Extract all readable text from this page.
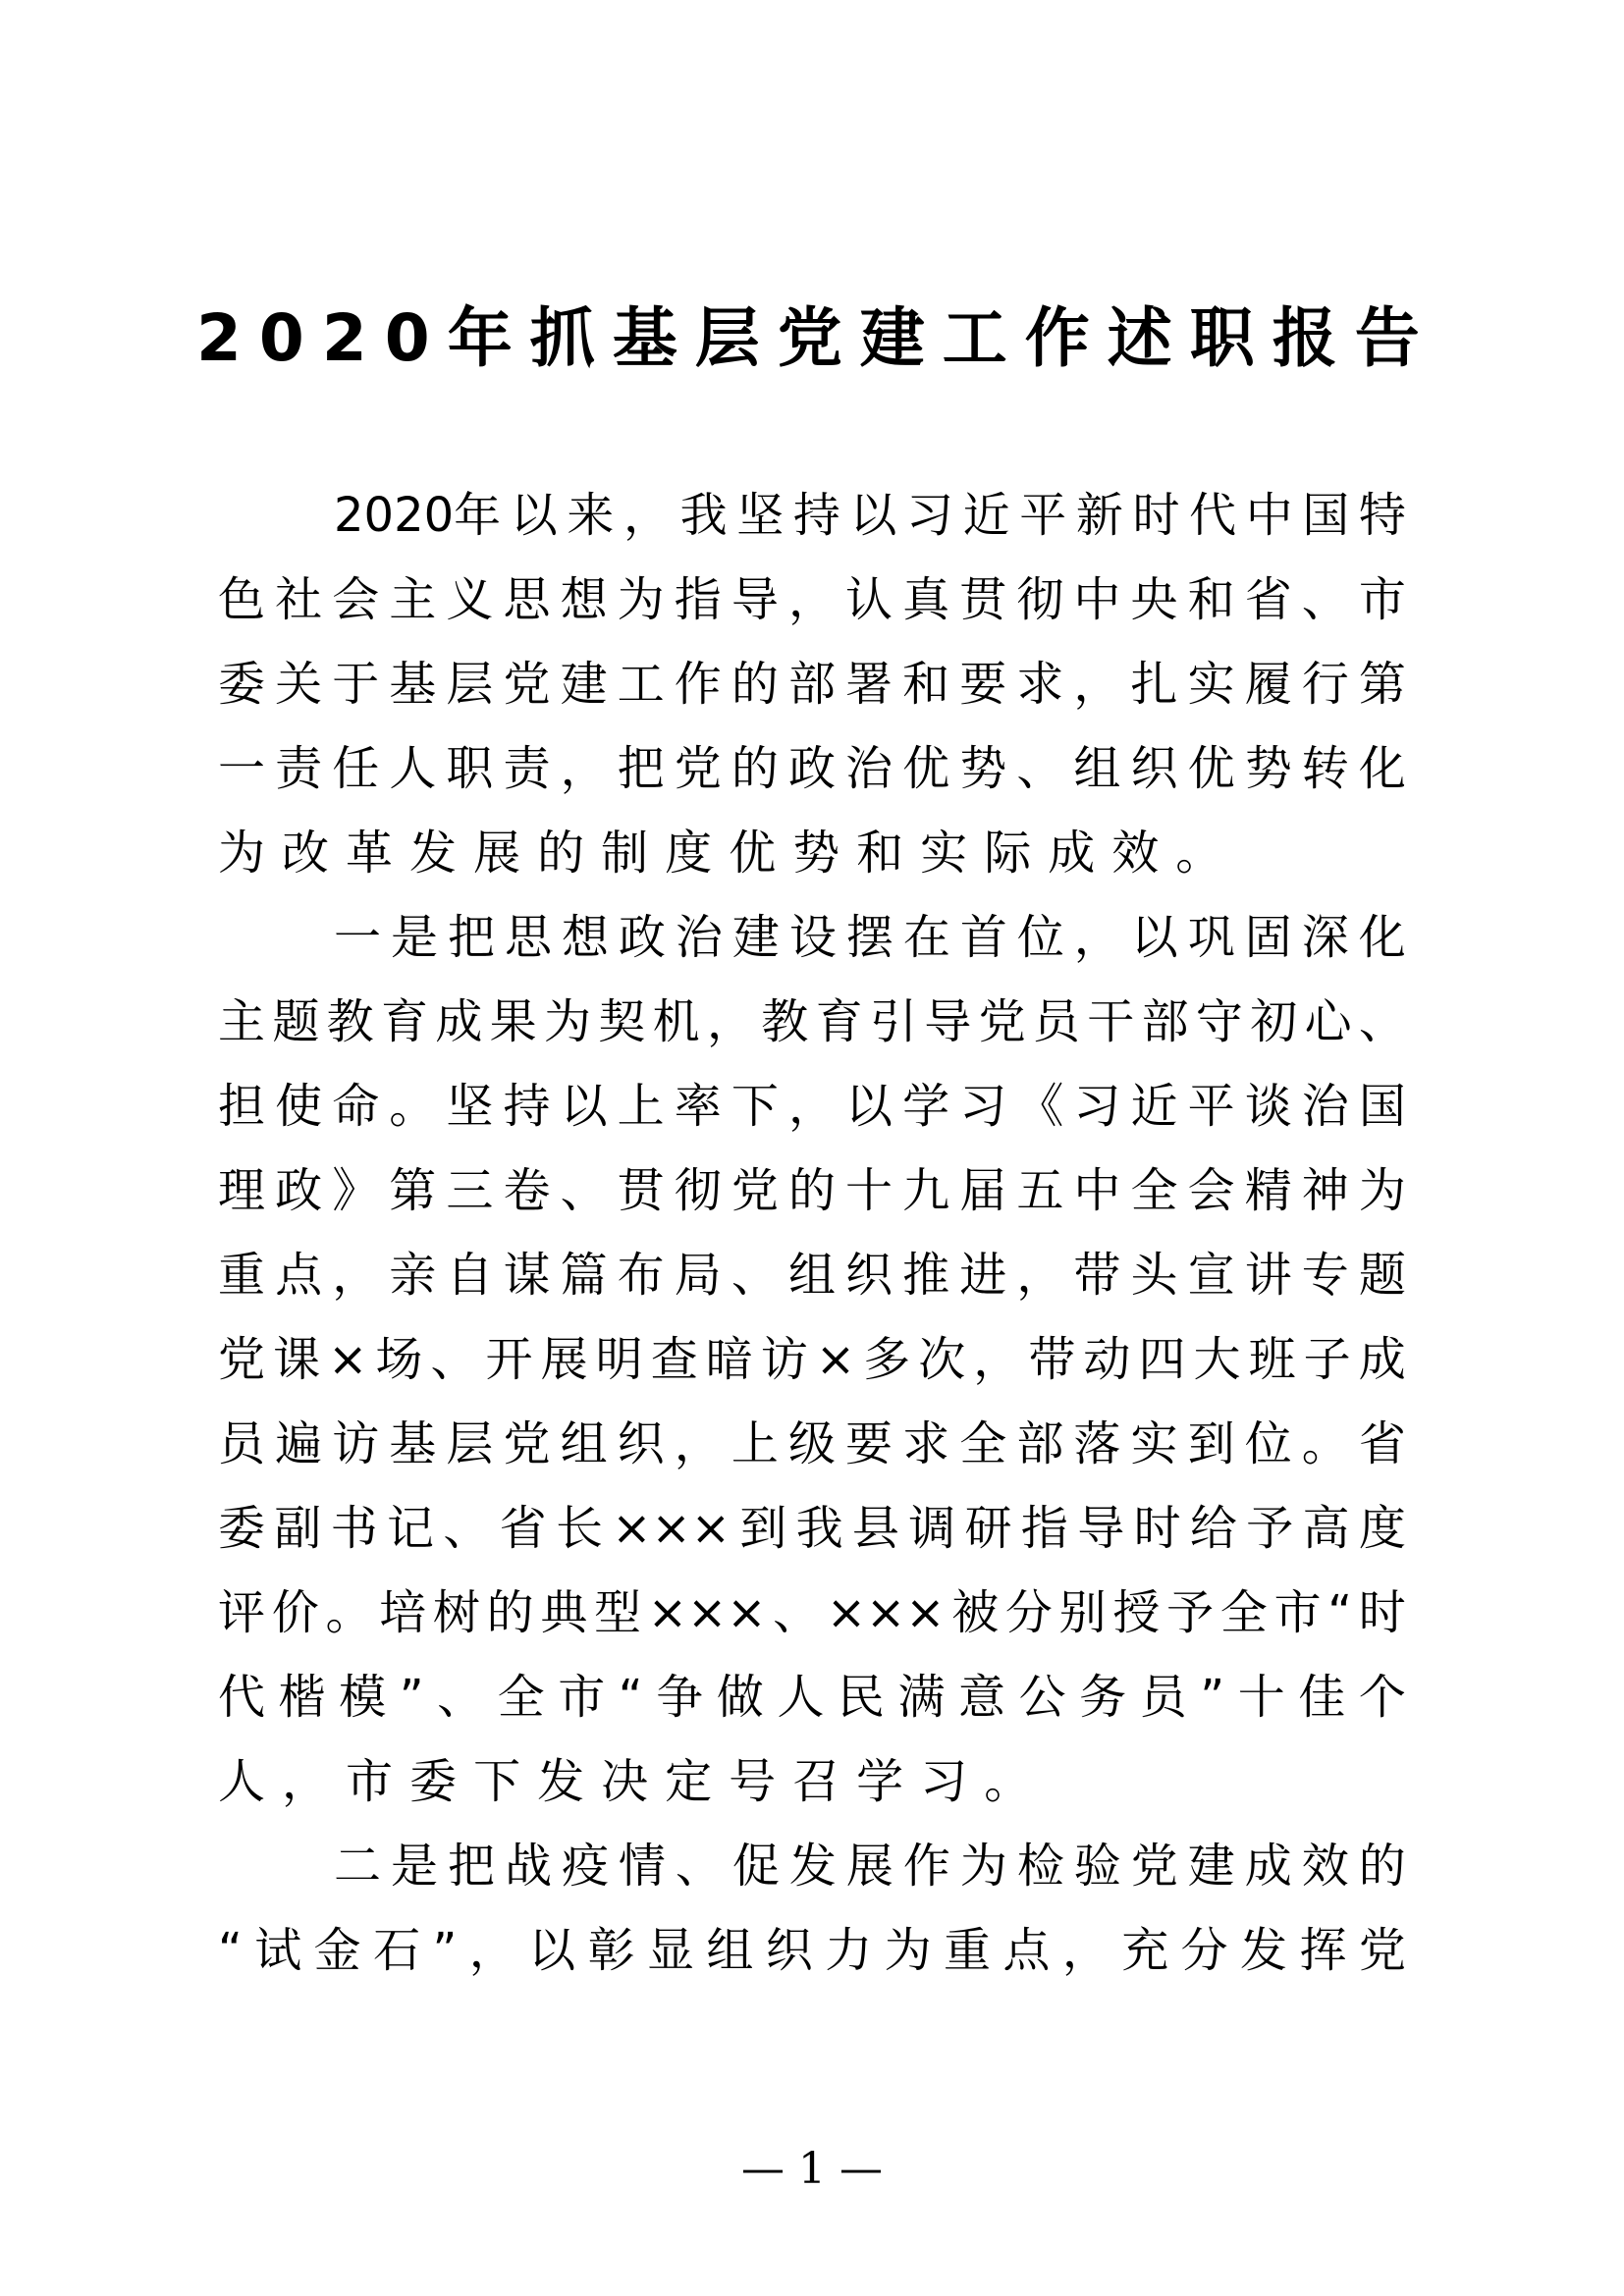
2020年抓基层党建工作述职报告
2020年 以 来 ， 我 坚 持 以 习 近 平 新 时 代 中 国 特
色 社 会 主 义 思 想 为 指 导 ， 认 真 贯 彻 中 央 和 省 、 市
委 关 于 基 层 党 建 工 作 的 部 署 和 要 求 ， 扎 实 履 行 第
一 责 任 人 职 责 ， 把 党 的 政 治 优 势 、 组 织 优 势 转 化
为 改 革 发 展 的 制 度 优 势 和 实 际 成 效 。
一 是 把 思 想 政 治 建 设 摆 在 首 位 ， 以 巩 固 深 化
主 题 教 育 成 果 为 契 机 ， 教 育 引 导 党 员 干 部 守 初 心 、
担 使 命 。 坚 持 以 上 率 下 ， 以 学 习 《 习 近 平 谈 治 国
理 政 》 第 三 卷 、 贯 彻 党 的 十 九 届 五 中 全 会 精 神 为
重 点 ， 亲 自 谋 篇 布 局 、 组 织 推 进 ， 带 头 宣 讲 专 题
党 课 × 场 、 开 展 明 查 暗 访 × 多 次 ， 带 动 四 大 班 子 成
员 遍 访 基 层 党 组 织 ， 上 级 要 求 全 部 落 实 到 位 。 省
委 副 书 记 、 省 长 ××× 到 我 县 调 研 指 导 时 给 予 高 度
评 价 。 培 树 的 典 型 ××× 、 ××× 被 分 别 授 予 全 市 “ 时
代 楷 模 ” 、 全 市 “ 争 做 人 民 满 意 公 务 员 ” 十 佳 个
人 ， 市 委 下 发 决 定 号 召 学 习 。
二 是 把 战 疫 情 、 促 发 展 作 为 检 验 党 建 成 效 的
“ 试 金 石 ” ， 以 彰 显 组 织 力 为 重 点 ， 充 分 发 挥 党
— 1 —
